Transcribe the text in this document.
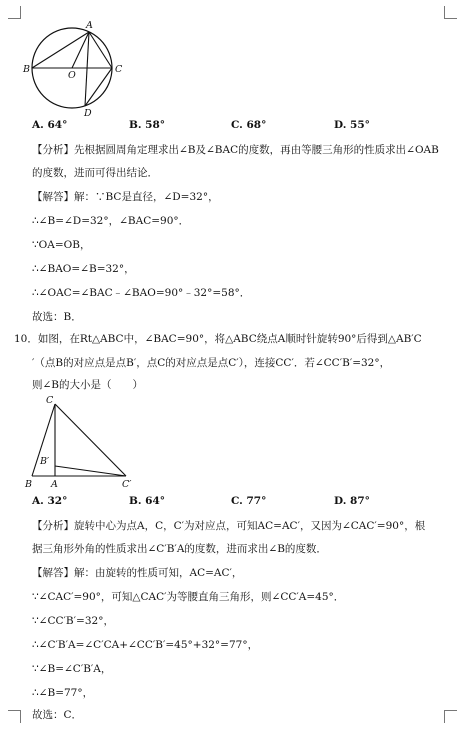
A
B
O
C
D
A. 64°	B. 58°	C. 68°	D. 55°
【分析】先根据圆周角定理求出∠B及∠BAC的度数，再由等腰三角形的性质求出∠OAB
的度数，进而可得出结论．
【解答】解：∵BC是直径，∠D=32°，
∴∠B=∠D=32°，∠BAC=90°．
∵OA=OB，
∴∠BAO=∠B=32°，
∴∠OAC=∠BAC﹣∠BAO=90°﹣32°=58°．
故选：B．
10．如图，在Rt△ABC中，∠BAC=90°，将△ABC绕点A顺时针旋转90°后得到△AB′C
′（点B的对应点是点B′，点C的对应点是点C′），连接CC′．若∠CC′B′=32°，
则∠B的大小是（　　）
C
B′
B A	C′
A. 32°	B. 64°	C. 77°	D. 87°
【分析】旋转中心为点A，C，C′为对应点，可知AC=AC′，又因为∠CAC′=90°，根
据三角形外角的性质求出∠C′B′A的度数，进而求出∠B的度数．
【解答】解：由旋转的性质可知，AC=AC′，
∵∠CAC′=90°，可知△CAC′为等腰直角三角形，则∠CC′A=45°．
∵∠CC′B′=32°，
∴∠C′B′A=∠C′CA+∠CC′B′=45°+32°=77°，
∵∠B=∠C′B′A，
∴∠B=77°，
故选：C．
